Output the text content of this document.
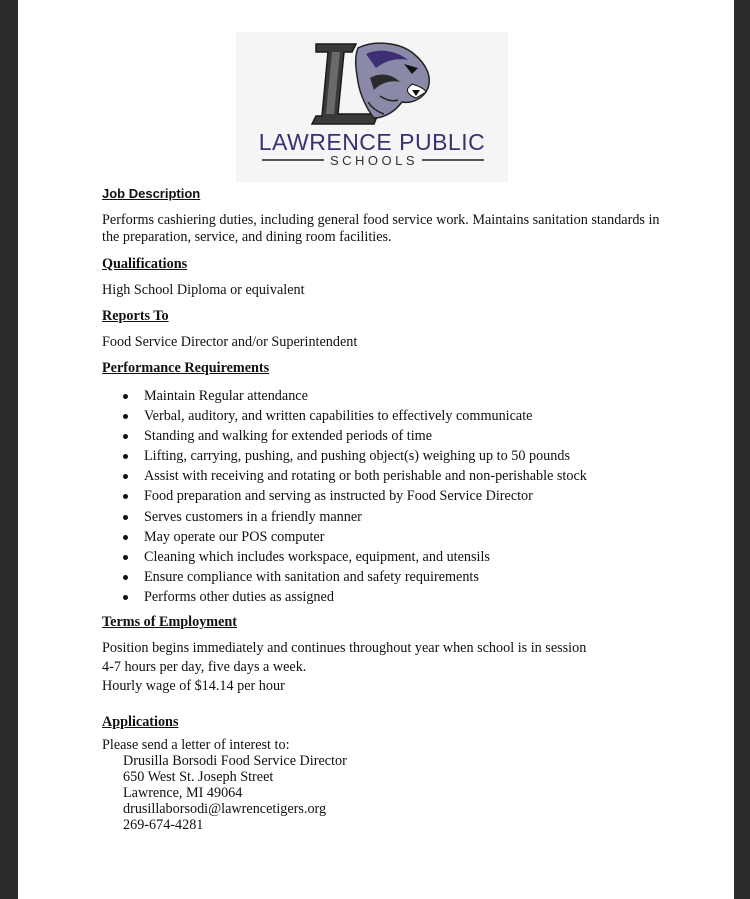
LAWRENCE PUBLIC
SCHOOLS

Job Description

Performs cashiering duties, including general food service work. Maintains sanitation standards in the preparation, service, and dining room facilities.

Qualifications

High School Diploma or equivalent

Reports To

Food Service Director and/or Superintendent

Performance Requirements

Maintain Regular attendance
Verbal, auditory, and written capabilities to effectively communicate
Standing and walking for extended periods of time
Lifting, carrying, pushing, and pushing object(s) weighing up to 50 pounds
Assist with receiving and rotating or both perishable and non-perishable stock
Food preparation and serving as instructed by Food Service Director
Serves customers in a friendly manner
May operate our POS computer
Cleaning which includes workspace, equipment, and utensils
Ensure compliance with sanitation and safety requirements
Performs other duties as assigned

Terms of Employment

Position begins immediately and continues throughout year when school is in session

4-7 hours per day, five days a week.

Hourly wage of $14.14 per hour

Applications

Please send a letter of interest to:

Drusilla Borsodi Food Service Director

650 West St. Joseph Street

Lawrence, MI 49064

drusillaborsodi@lawrencetigers.org

269-674-4281
